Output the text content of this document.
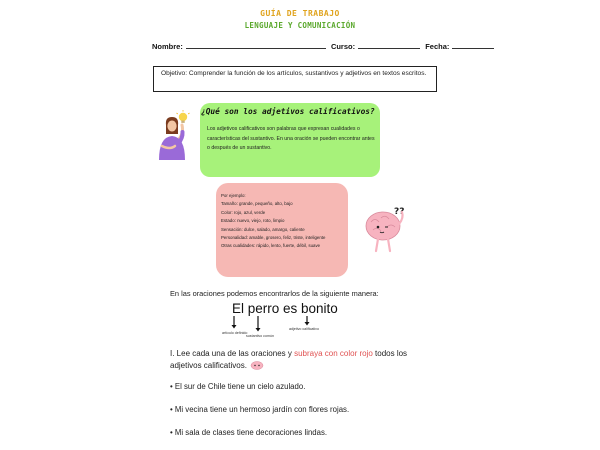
GUÍA DE TRABAJO
LENGUAJE Y COMUNICACIÓN
Nombre:	Curso:	Fecha:
Objetivo: Comprender la función de los artículos, sustantivos y adjetivos en textos escritos.
¿Qué son los adjetivos calificativos?
Los adjetivos calificativos son palabras que expresan cualidades o características del sustantivo. En una oración se pueden encontrar antes o después de un sustantivo.
Por ejemplo:
Tamaño: grande, pequeño, alto, bajo
Color: rojo, azul, verde
Estado: nuevo, viejo, roto, limpio
Sensación: dulce, salado, amargo, caliente
Personalidad: amable, grosero, feliz, triste, inteligente
Otras cualidades: rápido, lento, fuerte, débil, suave
??
En las oraciones podemos encontrarlos de la siguiente manera:
El perro es bonito
artículo definido
sustantivo común
adjetivo calificativo
I. Lee cada una de las oraciones y subraya con color rojo todos los adjetivos calificativos.
• El sur de Chile tiene un cielo azulado.
• Mi vecina tiene un hermoso jardín con flores rojas.
• Mi sala de clases tiene decoraciones lindas.
